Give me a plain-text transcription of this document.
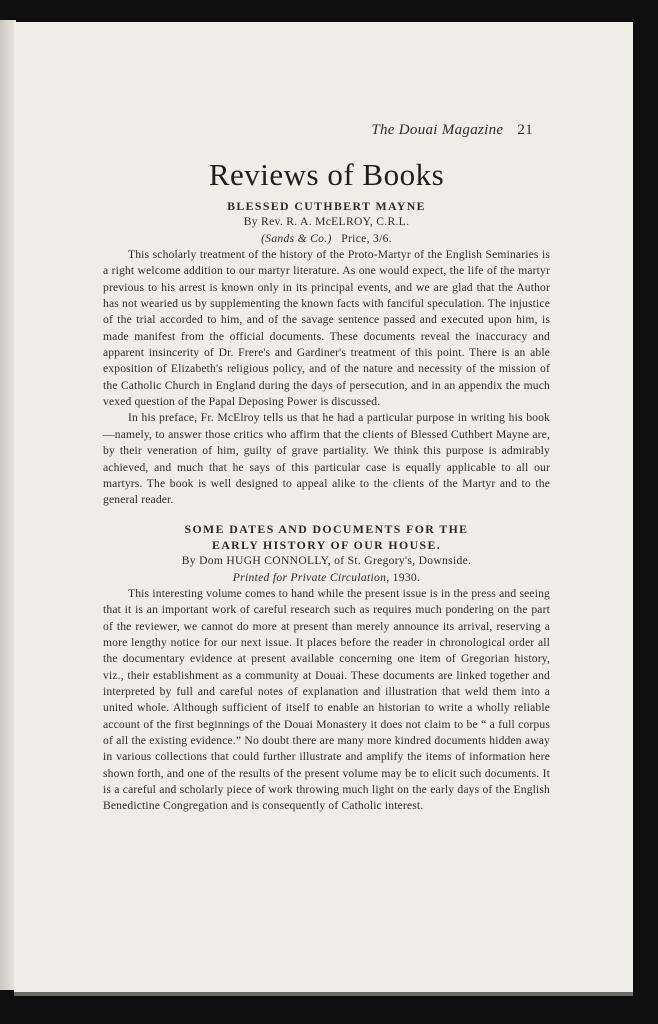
The Douai Magazine 21
Reviews of Books

BLESSED CUTHBERT MAYNE

By Rev. R. A. McELROY, C.R.L.

(Sands & Co.) Price, 3/6.

This scholarly treatment of the history of the Proto-Martyr of the English Seminaries is a right welcome addition to our martyr literature. As one would expect, the life of the martyr previous to his arrest is known only in its principal events, and we are glad that the Author has not wearied us by supplementing the known facts with fanciful speculation. The injustice of the trial accorded to him, and of the savage sentence passed and executed upon him, is made manifest from the official documents. These documents reveal the inaccuracy and apparent insincerity of Dr. Frere's and Gardiner's treatment of this point. There is an able exposition of Elizabeth's religious policy, and of the nature and necessity of the mission of the Catholic Church in England during the days of persecution, and in an appendix the much vexed question of the Papal Deposing Power is discussed.

In his preface, Fr. McElroy tells us that he had a particular purpose in writing his book—namely, to answer those critics who affirm that the clients of Blessed Cuthbert Mayne are, by their veneration of him, guilty of grave partiality. We think this purpose is admirably achieved, and much that he says of this particular case is equally applicable to all our martyrs. The book is well designed to appeal alike to the clients of the Martyr and to the general reader.

SOME DATES AND DOCUMENTS FOR THE

EARLY HISTORY OF OUR HOUSE.

By Dom HUGH CONNOLLY, of St. Gregory's, Downside.

Printed for Private Circulation, 1930.

This interesting volume comes to hand while the present issue is in the press and seeing that it is an important work of careful research such as requires much pondering on the part of the reviewer, we cannot do more at present than merely announce its arrival, reserving a more lengthy notice for our next issue. It places before the reader in chronological order all the documentary evidence at present available concerning one item of Gregorian history, viz., their establishment as a community at Douai. These documents are linked together and interpreted by full and careful notes of explanation and illustration that weld them into a united whole. Although sufficient of itself to enable an historian to write a wholly reliable account of the first beginnings of the Douai Monastery it does not claim to be “ a full corpus of all the existing evidence.” No doubt there are many more kindred documents hidden away in various collections that could further illustrate and amplify the items of information here shown forth, and one of the results of the present volume may be to elicit such documents. It is a careful and scholarly piece of work throwing much light on the early days of the English Benedictine Congregation and is consequently of Catholic interest.
